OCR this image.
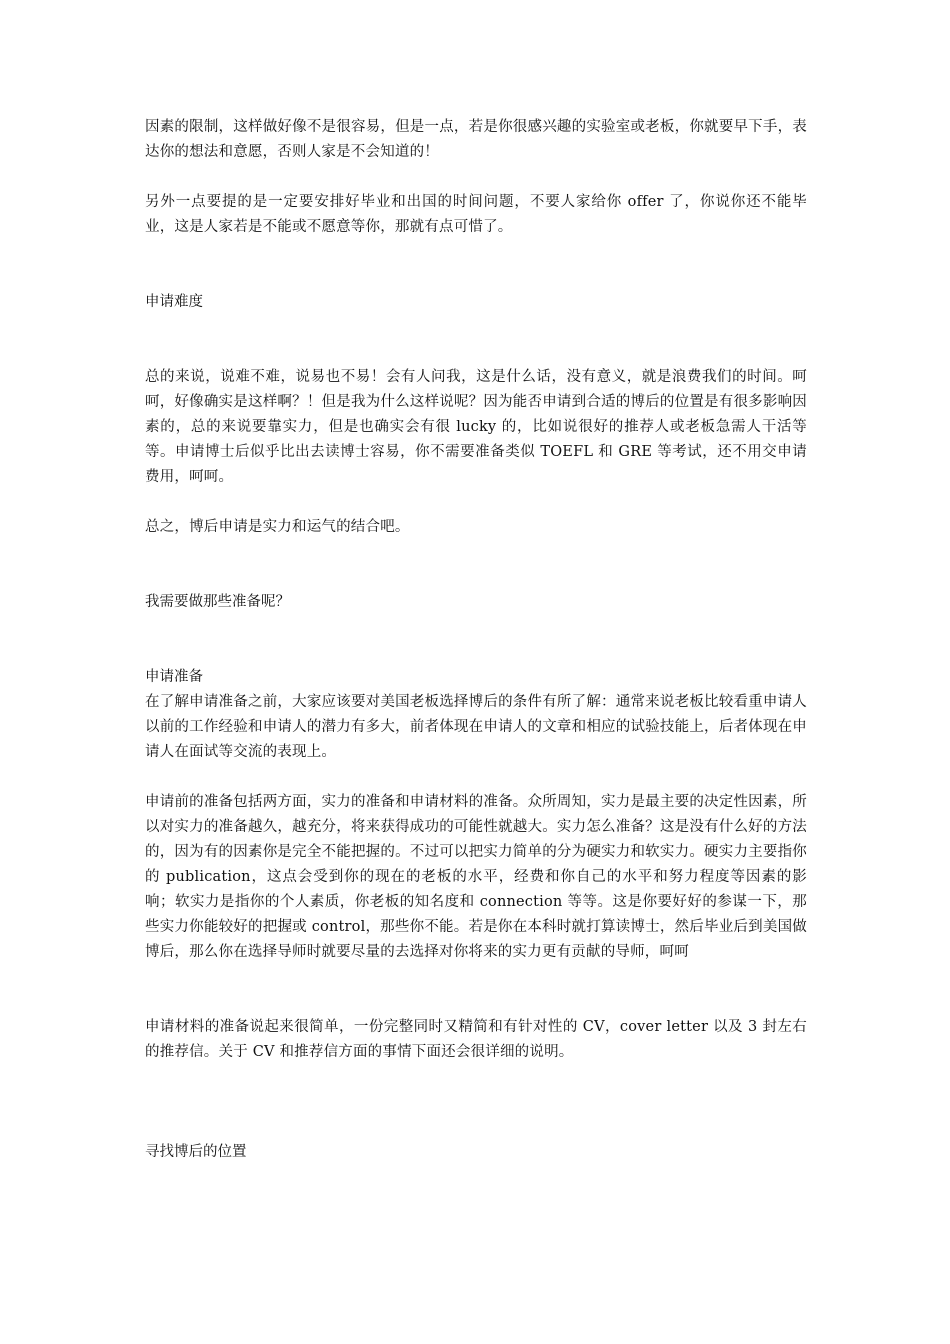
因素的限制，这样做好像不是很容易，但是一点，若是你很感兴趣的实验室或老板，你就要早下手，表达你的想法和意愿，否则人家是不会知道的！

另外一点要提的是一定要安排好毕业和出国的时间问题，不要人家给你 offer 了，你说你还不能毕业，这是人家若是不能或不愿意等你，那就有点可惜了。

申请难度

总的来说，说难不难，说易也不易！会有人问我，这是什么话，没有意义，就是浪费我们的时间。呵呵，好像确实是这样啊？！但是我为什么这样说呢？因为能否申请到合适的博后的位置是有很多影响因素的，总的来说要靠实力，但是也确实会有很 lucky 的，比如说很好的推荐人或老板急需人干活等等。申请博士后似乎比出去读博士容易，你不需要准备类似 TOEFL 和 GRE 等考试，还不用交申请费用，呵呵。

总之，博后申请是实力和运气的结合吧。

我需要做那些准备呢？

申请准备

在了解申请准备之前，大家应该要对美国老板选择博后的条件有所了解：通常来说老板比较看重申请人以前的工作经验和申请人的潜力有多大，前者体现在申请人的文章和相应的试验技能上，后者体现在申请人在面试等交流的表现上。

申请前的准备包括两方面，实力的准备和申请材料的准备。众所周知，实力是最主要的决定性因素，所以对实力的准备越久，越充分，将来获得成功的可能性就越大。实力怎么准备？这是没有什么好的方法的，因为有的因素你是完全不能把握的。不过可以把实力简单的分为硬实力和软实力。硬实力主要指你的 publication，这点会受到你的现在的老板的水平，经费和你自己的水平和努力程度等因素的影响；软实力是指你的个人素质，你老板的知名度和 connection 等等。这是你要好好的参谋一下，那些实力你能较好的把握或 control，那些你不能。若是你在本科时就打算读博士，然后毕业后到美国做博后，那么你在选择导师时就要尽量的去选择对你将来的实力更有贡献的导师，呵呵

申请材料的准备说起来很简单，一份完整同时又精简和有针对性的 CV，cover letter 以及 3 封左右的推荐信。关于 CV 和推荐信方面的事情下面还会很详细的说明。

寻找博后的位置
